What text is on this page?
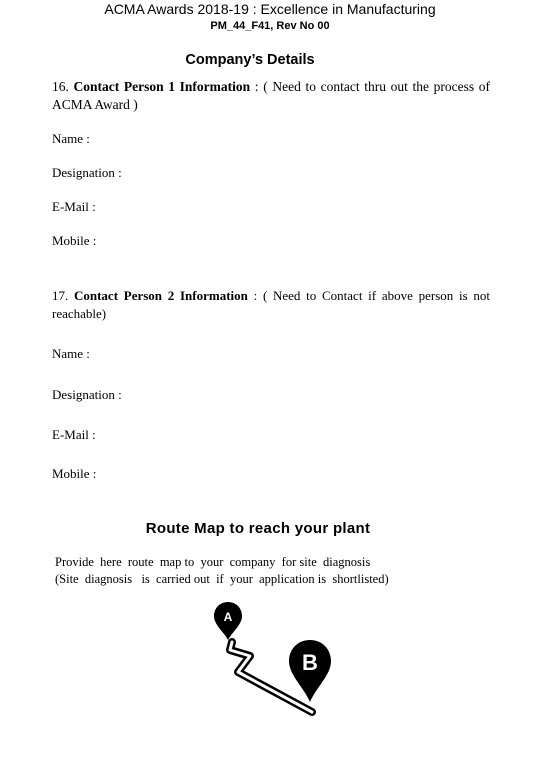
ACMA Awards 2018-19 : Excellence in Manufacturing
PM_44_F41, Rev No 00
Company’s Details
16. Contact Person 1 Information : ( Need to contact thru out the process of ACMA Award )
Name :
Designation :
E-Mail :
Mobile :
17. Contact Person 2 Information : ( Need to Contact if above person is not reachable)
Name :
Designation :
E-Mail :
Mobile :
Route Map to reach your plant
Provide  here  route  map to  your  company  for site  diagnosis
(Site  diagnosis   is  carried out  if  your  application is  shortlisted)
A
B
